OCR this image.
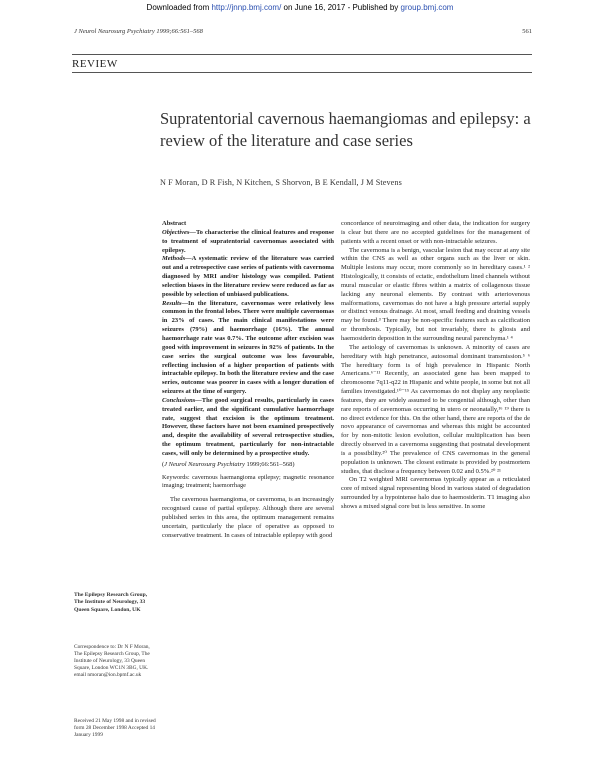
Downloaded from http://jnnp.bmj.com/ on June 16, 2017 - Published by group.bmj.com
J Neurol Neurosurg Psychiatry 1999;66:561–568	561
REVIEW
Supratentorial cavernous haemangiomas and epilepsy: a review of the literature and case series
N F Moran, D R Fish, N Kitchen, S Shorvon, B E Kendall, J M Stevens
The Epilepsy Research Group, The Institute of Neurology, 33 Queen Square, London, UK
Correspondence to: Dr N F Moran, The Epilepsy Research Group, The Institute of Neurology, 33 Queen Square, London WC1N 3BG, UK. email nmoran@ion.bpmf.ac.uk
Received 21 May 1998 and in revised form 28 December 1998 Accepted 14 January 1999

Abstract

Objectives—To characterise the clinical features and response to treatment of supratentorial cavernomas associated with epilepsy.

Methods—A systematic review of the literature was carried out and a retrospective case series of patients with cavernoma diagnosed by MRI and/or histology was compiled. Patient selection biases in the literature review were reduced as far as possible by selection of unbiased publications.

Results—In the literature, cavernomas were relatively less common in the frontal lobes. There were multiple cavernomas in 23% of cases. The main clinical manifestations were seizures (79%) and haemorrhage (16%). The annual haemorrhage rate was 0.7%. The outcome after excision was good with improvement in seizures in 92% of patients. In the case series the surgical outcome was less favourable, reflecting inclusion of a higher proportion of patients with intractable epilepsy. In both the literature review and the case series, outcome was poorer in cases with a longer duration of seizures at the time of surgery.

Conclusions—The good surgical results, particularly in cases treated earlier, and the significant cumulative haemorrhage rate, suggest that excision is the optimum treatment. However, these factors have not been examined prospectively and, despite the availability of several retrospective studies, the optimum treatment, particularly for non-intractable cases, will only be determined by a prospective study.

(J Neurol Neurosurg Psychiatry 1999;66:561–568)

Keywords: cavernous haemangioma epilepsy; magnetic resonance imaging; treatment; haemorrhage

The cavernous haemangioma, or cavernoma, is an increasingly recognised cause of partial epilepsy. Although there are several published series in this area, the optimum management remains uncertain, particularly the place of operative as opposed to conservative treatment. In cases of intractable epilepsy with good

concordance of neuroimaging and other data, the indication for surgery is clear but there are no accepted guidelines for the management of patients with a recent onset or with non-intractable seizures.

The cavernoma is a benign, vascular lesion that may occur at any site within the CNS as well as other organs such as the liver or skin. Multiple lesions may occur, more commonly so in hereditary cases.¹ ² Histologically, it consists of ectatic, endothelium lined channels without mural muscular or elastic fibres within a matrix of collagenous tissue lacking any neuronal elements. By contrast with arteriovenous malformations, cavernomas do not have a high pressure arterial supply or distinct venous drainage. At most, small feeding and draining vessels may be found.³ There may be non-specific features such as calcification or thrombosis. Typically, but not invariably, there is gliosis and haemosiderin deposition in the surrounding neural parenchyma.¹ ⁴

The aetiology of cavernomas is unknown. A minority of cases are hereditary with high penetrance, autosomal dominant transmission.⁵ ⁶ The hereditary form is of high prevalence in Hispanic North Americans.⁶⁻¹¹ Recently, an associated gene has been mapped to chromosome 7q11-q22 in Hispanic and white people, in some but not all families investigated.¹⁰⁻¹⁵ As cavernomas do not display any neoplastic features, they are widely assumed to be congenital although, other than rare reports of cavernomas occurring in utero or neonatally,¹⁶ ¹⁹ there is no direct evidence for this. On the other hand, there are reports of the de novo appearance of cavernomas and whereas this might be accounted for by non-mitotic lesion evolution, cellular multiplication has been directly observed in a cavernoma suggesting that postnatal development is a possibility.²⁰ The prevalence of CNS cavernomas in the general population is unknown. The closest estimate is provided by postmortem studies, that disclose a frequency between 0.02 and 0.5%.²⁰ ²¹

On T2 weighted MRI cavernomas typically appear as a reticulated core of mixed signal representing blood in various stated of degradation surrounded by a hypointense halo due to haemosiderin. T1 imaging also shows a mixed signal core but is less sensitive. In some
